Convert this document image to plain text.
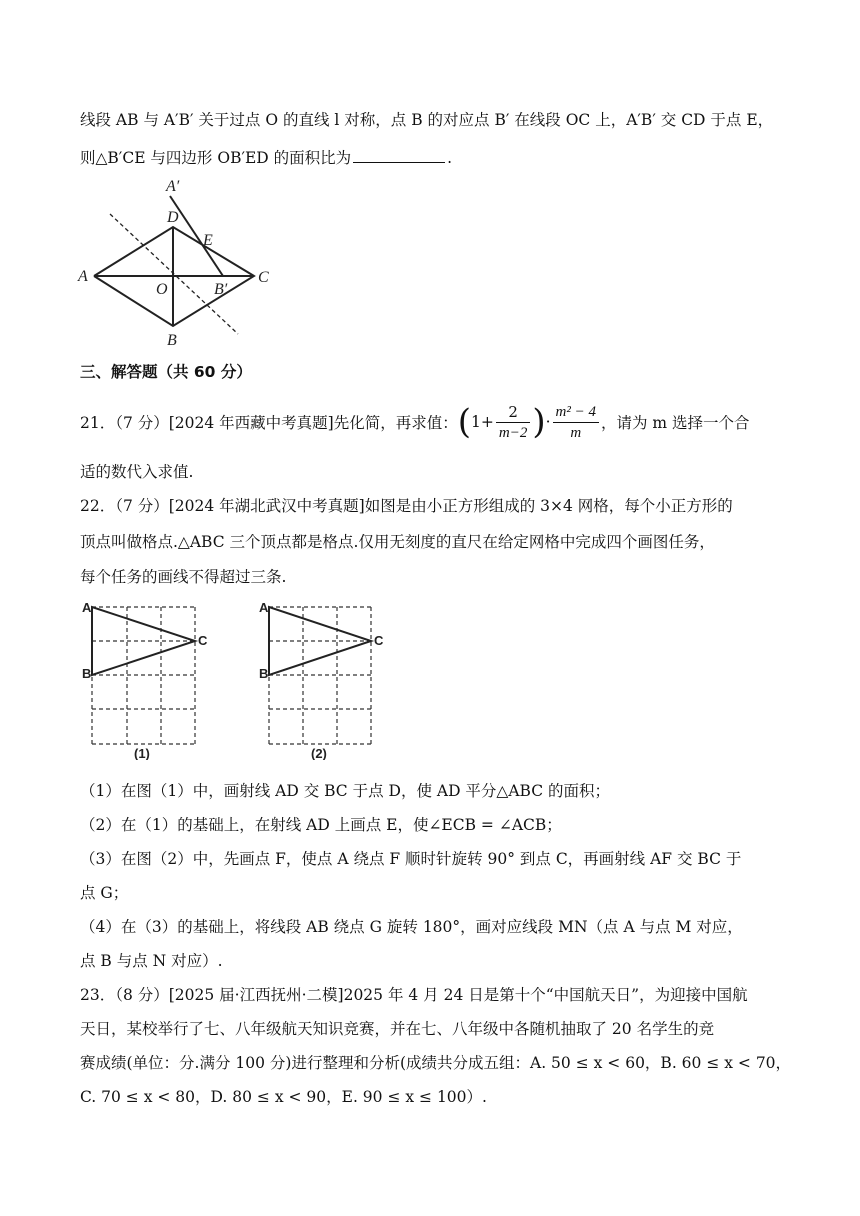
线段 AB 与 A′B′ 关于过点 O 的直线 l 对称，点 B 的对应点 B′ 在线段 OC 上，A′B′ 交 CD 于点 E，
则△B′CE 与四边形 OB′ED 的面积比为	.
A
D
B
C
O
E
B′
A′
三、解答题（共 60 分）
21．（7 分）[2024 年西藏中考真题]先化简，再求值： ( $1+ \frac{2}{m-2}$ ) · $\frac{\text{m² − 4}}{m}$ ，请为 m 选择一个合
适的数代入求值.
22．（7 分）[2024 年湖北武汉中考真题]如图是由小正方形组成的 3×4 网格，每个小正方形的
顶点叫做格点.△ABC 三个顶点都是格点.仅用无刻度的直尺在给定网格中完成四个画图任务，
每个任务的画线不得超过三条.
A
B
C
(1)
A
B
C
(2)
（1）在图（1）中，画射线 AD 交 BC 于点 D，使 AD 平分△ABC 的面积；
（2）在（1）的基础上，在射线 AD 上画点 E，使∠ECB = ∠ACB；
（3）在图（2）中，先画点 F，使点 A 绕点 F 顺时针旋转 90° 到点 C，再画射线 AF 交 BC 于
点 G；
（4）在（3）的基础上，将线段 AB 绕点 G 旋转 180°，画对应线段 MN（点 A 与点 M 对应，
点 B 与点 N 对应）.
23．（8 分）[2025 届·江西抚州·二模]2025 年 4 月 24 日是第十个“中国航天日”，为迎接中国航
天日，某校举行了七、八年级航天知识竞赛，并在七、八年级中各随机抽取了 20 名学生的竞
赛成绩(单位：分.满分 100 分)进行整理和分析(成绩共分成五组：A. 50 ≤ x < 60，B. 60 ≤ x < 70，
C. 70 ≤ x < 80，D. 80 ≤ x < 90，E. 90 ≤ x ≤ 100）.
